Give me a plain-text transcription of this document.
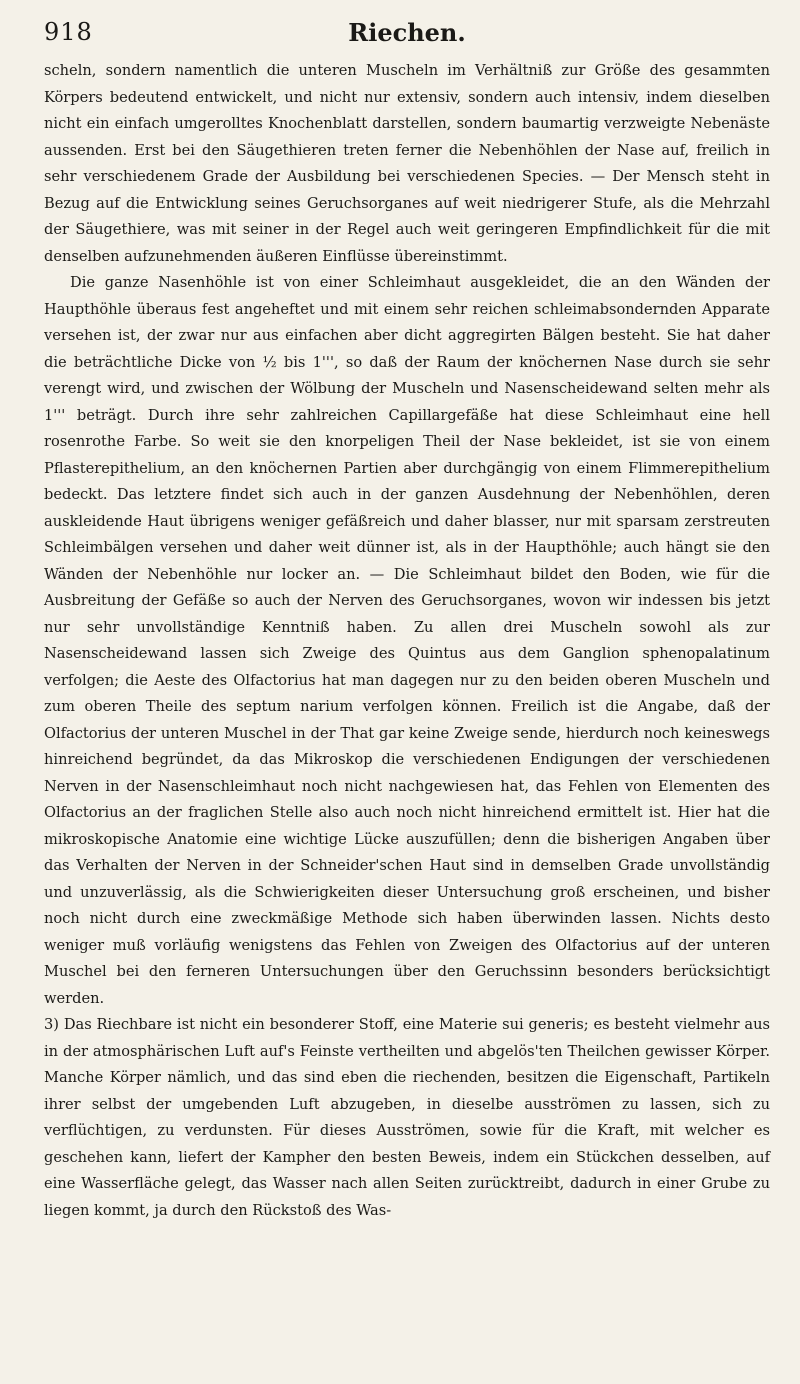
918	Riechen.

scheln, sondern namentlich die unteren Muscheln im Verhältniß zur Größe des gesammten Körpers bedeutend entwickelt, und nicht nur extensiv, sondern auch intensiv, indem dieselben nicht ein einfach umgerolltes Knochenblatt darstellen, sondern baumartig verzweigte Nebenäste aussenden. Erst bei den Säugethieren treten ferner die Nebenhöhlen der Nase auf, freilich in sehr verschiedenem Grade der Ausbildung bei verschiedenen Species. — Der Mensch steht in Bezug auf die Entwicklung seines Geruchsorganes auf weit niedrigerer Stufe, als die Mehrzahl der Säugethiere, was mit seiner in der Regel auch weit geringeren Empfindlichkeit für die mit denselben aufzunehmenden äußeren Einflüsse übereinstimmt.

Die ganze Nasenhöhle ist von einer Schleimhaut ausgekleidet, die an den Wänden der Haupthöhle überaus fest angeheftet und mit einem sehr reichen schleimabsondernden Apparate versehen ist, der zwar nur aus einfachen aber dicht aggregirten Bälgen besteht. Sie hat daher die beträchtliche Dicke von ½ bis 1''', so daß der Raum der knöchernen Nase durch sie sehr verengt wird, und zwischen der Wölbung der Muscheln und Nasenscheidewand selten mehr als 1''' beträgt. Durch ihre sehr zahlreichen Capillargefäße hat diese Schleimhaut eine hell rosenrothe Farbe. So weit sie den knorpeligen Theil der Nase bekleidet, ist sie von einem Pflasterepithelium, an den knöchernen Partien aber durchgängig von einem Flimmerepithelium bedeckt. Das letztere findet sich auch in der ganzen Ausdehnung der Nebenhöhlen, deren auskleidende Haut übrigens weniger gefäßreich und daher blasser, nur mit sparsam zerstreuten Schleimbälgen versehen und daher weit dünner ist, als in der Haupthöhle; auch hängt sie den Wänden der Nebenhöhle nur locker an. — Die Schleimhaut bildet den Boden, wie für die Ausbreitung der Gefäße so auch der Nerven des Geruchsorganes, wovon wir indessen bis jetzt nur sehr unvollständige Kenntniß haben. Zu allen drei Muscheln sowohl als zur Nasenscheidewand lassen sich Zweige des Quintus aus dem Ganglion sphenopalatinum verfolgen; die Aeste des Olfactorius hat man dagegen nur zu den beiden oberen Muscheln und zum oberen Theile des septum narium verfolgen können. Freilich ist die Angabe, daß der Olfactorius der unteren Muschel in der That gar keine Zweige sende, hierdurch noch keineswegs hinreichend begründet, da das Mikroskop die verschiedenen Endigungen der verschiedenen Nerven in der Nasenschleimhaut noch nicht nachgewiesen hat, das Fehlen von Elementen des Olfactorius an der fraglichen Stelle also auch noch nicht hinreichend ermittelt ist. Hier hat die mikroskopische Anatomie eine wichtige Lücke auszufüllen; denn die bisherigen Angaben über das Verhalten der Nerven in der Schneider'schen Haut sind in demselben Grade unvollständig und unzuverlässig, als die Schwierigkeiten dieser Untersuchung groß erscheinen, und bisher noch nicht durch eine zweckmäßige Methode sich haben überwinden lassen. Nichts desto weniger muß vorläufig wenigstens das Fehlen von Zweigen des Olfactorius auf der unteren Muschel bei den ferneren Untersuchungen über den Geruchssinn besonders berücksichtigt werden.

3) Das Riechbare ist nicht ein besonderer Stoff, eine Materie sui generis; es besteht vielmehr aus in der atmosphärischen Luft auf's Feinste vertheilten und abgelös'ten Theilchen gewisser Körper. Manche Körper nämlich, und das sind eben die riechenden, besitzen die Eigenschaft, Partikeln ihrer selbst der umgebenden Luft abzugeben, in dieselbe ausströmen zu lassen, sich zu verflüchtigen, zu verdunsten. Für dieses Ausströmen, sowie für die Kraft, mit welcher es geschehen kann, liefert der Kampher den besten Beweis, indem ein Stückchen desselben, auf eine Wasserfläche gelegt, das Wasser nach allen Seiten zurücktreibt, dadurch in einer Grube zu liegen kommt, ja durch den Rückstoß des Was-
